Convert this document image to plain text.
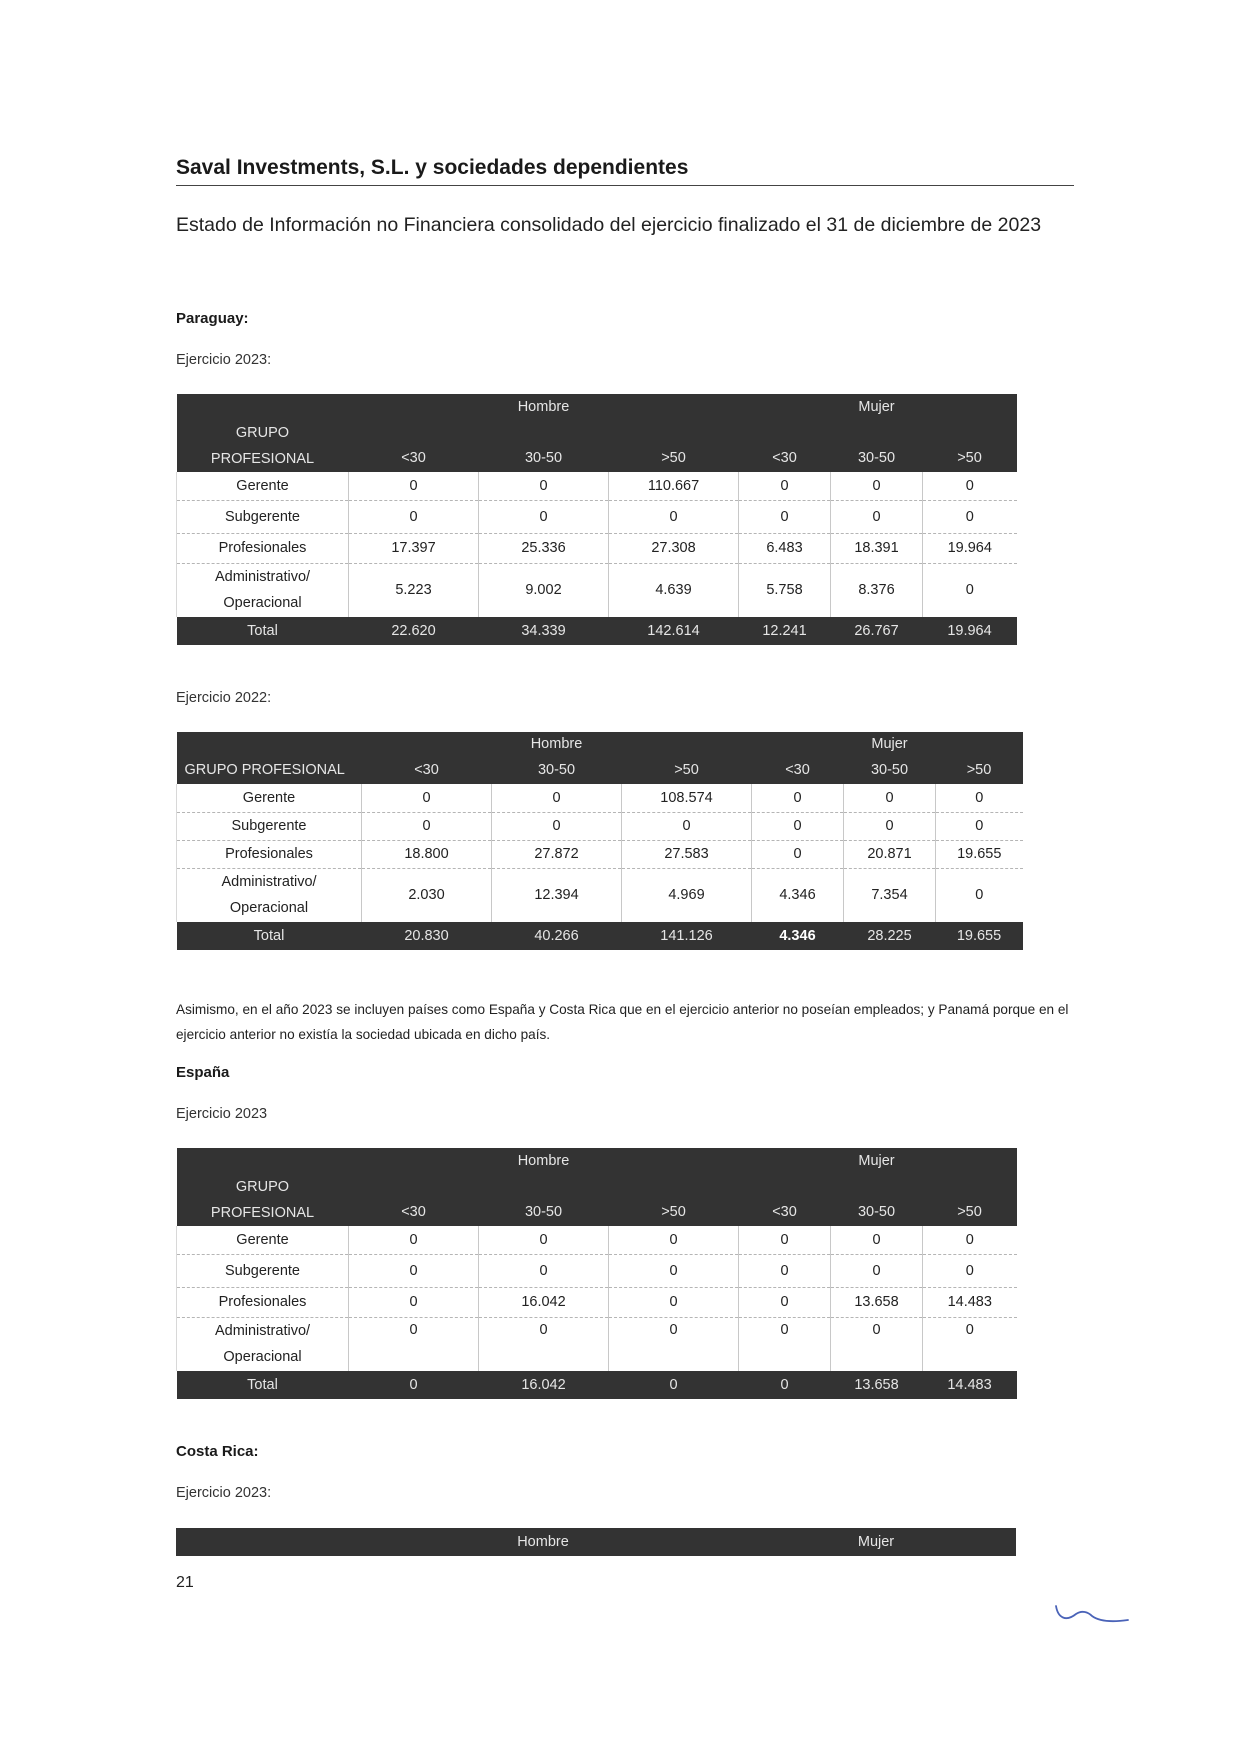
Saval Investments, S.L. y sociedades dependientes
Estado de Información no Financiera consolidado del ejercicio finalizado el 31 de diciembre de 2023
Paraguay:
Ejercicio 2023:
		Hombre			Mujer	
GRUPO PROFESIONAL	<30	30-50	>50	<30	30-50	>50
Gerente	0	0	110.667	0	0	0
Subgerente	0	0	0	0	0	0
Profesionales	17.397	25.336	27.308	6.483	18.391	19.964

Administrativo/
Operacional	5.223	9.002	4.639	5.758	8.376	0
Total	22.620	34.339	142.614	12.241	26.767	19.964
Ejercicio 2022:
		Hombre			Mujer	
GRUPO PROFESIONAL	<30	30-50	>50	<30	30-50	>50
Gerente	0	0	108.574	0	0	0
Subgerente	0	0	0	0	0	0
Profesionales	18.800	27.872	27.583	0	20.871	19.655

Administrativo/
Operacional	2.030	12.394	4.969	4.346	7.354	0
Total	20.830	40.266	141.126	4.346	28.225	19.655
Asimismo, en el año 2023 se incluyen países como España y Costa Rica que en el ejercicio anterior no poseían empleados; y Panamá porque en el ejercicio anterior no existía la sociedad ubicada en dicho país.
España
Ejercicio 2023
		Hombre			Mujer	
GRUPO PROFESIONAL	<30	30-50	>50	<30	30-50	>50
Gerente	0	0	0	0	0	0
Subgerente	0	0	0	0	0	0
Profesionales	0	16.042	0	0	13.658	14.483

Administrativo/
Operacional	0	0	0	0	0	0
Total	0	16.042	0	0	13.658	14.483
Costa Rica:
Ejercicio 2023:
		Hombre			Mujer	
21
